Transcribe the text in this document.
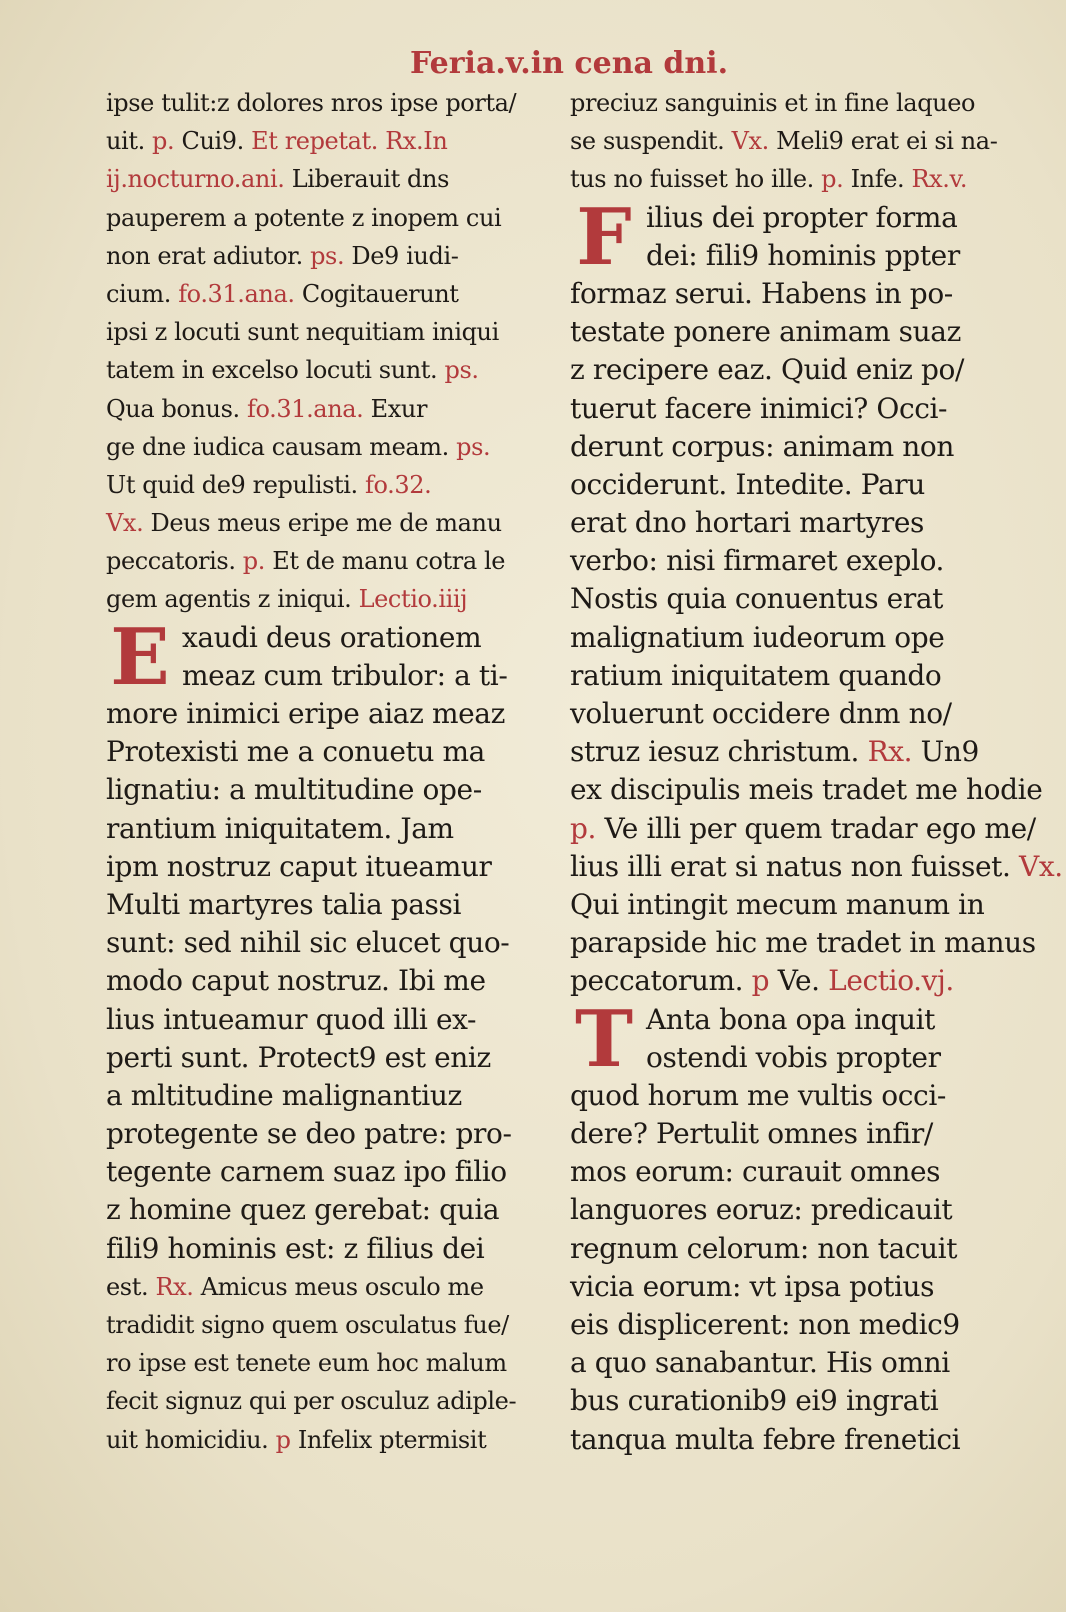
Feria.v.in cena dni.
ipse tulit:z dolores nros ipse porta/
uit. p. Cui9. Et repetat. Rx.In
ij.nocturno.ani. Liberauit dns
pauperem a potente z inopem cui
non erat adiutor. ps. De9 iudi-
cium. fo.31.ana. Cogitauerunt
ipsi z locuti sunt nequitiam iniqui
tatem in excelso locuti sunt. ps.
Qua bonus. fo.31.ana. Exur
ge dne iudica causam meam. ps.
Ut quid de9 repulisti. fo.32.
Vx. Deus meus eripe me de manu
peccatoris. p. Et de manu cotra le
gem agentis z iniqui. Lectio.iiij
E xaudi deus orationem
meaz cum tribulor: a ti-
more inimici eripe aiaz meaz
Protexisti me a conuetu ma
lignatiu: a multitudine ope-
rantium iniquitatem. Jam
ipm nostruz caput itueamur
Multi martyres talia passi
sunt: sed nihil sic elucet quo-
modo caput nostruz. Ibi me
lius intueamur quod illi ex-
perti sunt. Protect9 est eniz
a mltitudine malignantiuz
protegente se deo patre: pro-
tegente carnem suaz ipo filio
z homine quez gerebat: quia
fili9 hominis est: z filius dei
est. Rx. Amicus meus osculo me
tradidit signo quem osculatus fue/
ro ipse est tenete eum hoc malum
fecit signuz qui per osculuz adiple-
uit homicidiu. p Infelix ptermisit
preciuz sanguinis et in fine laqueo
se suspendit. Vx. Meli9 erat ei si na-
tus no fuisset ho ille. p. Infe. Rx.v.
F ilius dei propter forma
dei: fili9 hominis ppter
formaz serui. Habens in po-
testate ponere animam suaz
z recipere eaz. Quid eniz po/
tuerut facere inimici? Occi-
derunt corpus: animam non
occiderunt. Intedite. Paru
erat dno hortari martyres
verbo: nisi firmaret exeplo.
Nostis quia conuentus erat
malignatium iudeorum ope
ratium iniquitatem quando
voluerunt occidere dnm no/
struz iesuz christum. Rx. Un9
ex discipulis meis tradet me hodie
p. Ve illi per quem tradar ego me/
lius illi erat si natus non fuisset. Vx.
Qui intingit mecum manum in
parapside hic me tradet in manus
peccatorum. p Ve. Lectio.vj.
T Anta bona opa inquit
ostendi vobis propter
quod horum me vultis occi-
dere? Pertulit omnes infir/
mos eorum: curauit omnes
languores eoruz: predicauit
regnum celorum: non tacuit
vicia eorum: vt ipsa potius
eis displicerent: non medic9
a quo sanabantur. His omni
bus curationib9 ei9 ingrati
tanqua multa febre frenetici
